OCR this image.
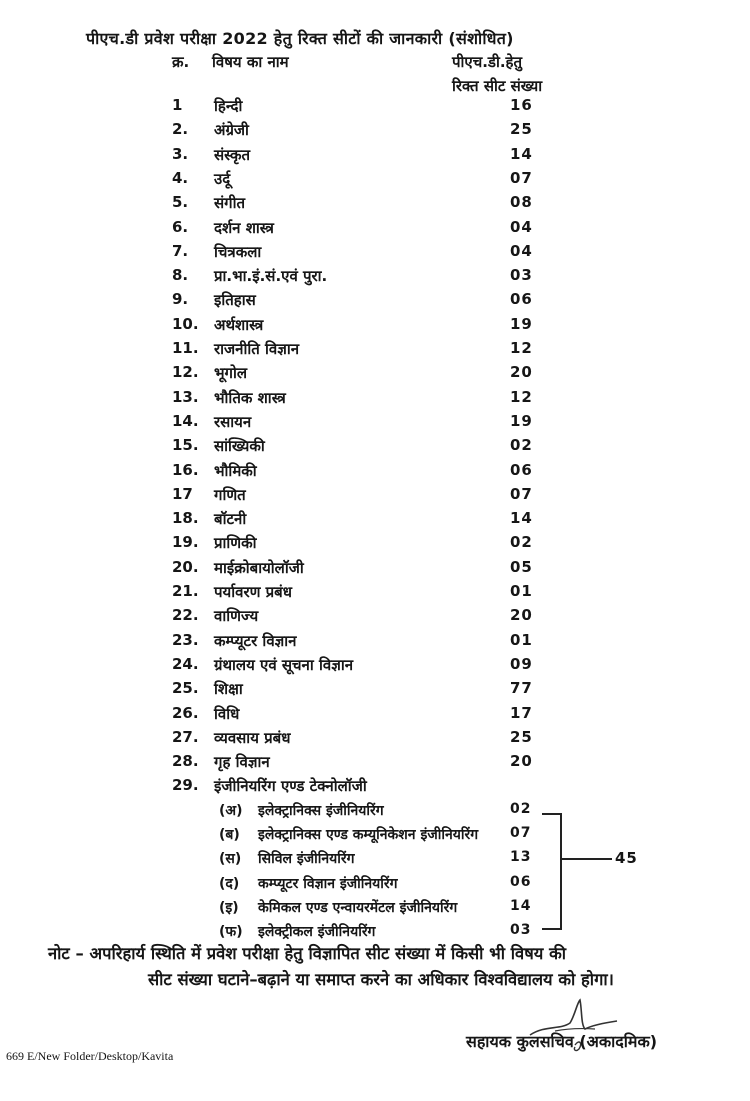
पीएच.डी प्रवेश परीक्षा 2022 हेतु रिक्त सीटों की जानकारी (संशोधित)
क्र. विषय का नाम	पीएच.डी.हेतु
रिक्त सीट संख्या
1 हिन्दी	16
2. अंग्रेजी	25
3. संस्कृत	14
4. उर्दू	07
5. संगीत	08
6. दर्शन शास्त्र	04
7. चित्रकला	04
8. प्रा.भा.इं.सं.एवं पुरा.	03
9. इतिहास	06
10. अर्थशास्त्र	19
11. राजनीति विज्ञान	12
12. भूगोल	20
13. भौतिक शास्त्र	12
14. रसायन	19
15. सांख्यिकी	02
16. भौमिकी	06
17 गणित	07
18. बॉटनी	14
19. प्राणिकी	02
20. माईक्रोबायोलॉजी	05
21. पर्यावरण प्रबंध	01
22. वाणिज्य	20
23. कम्प्यूटर विज्ञान	01
24. ग्रंथालय एवं सूचना विज्ञान	09
25. शिक्षा	77
26. विधि	17
27. व्यवसाय प्रबंध	25
28. गृह विज्ञान	20
29. इंजीनियरिंग एण्ड टेक्नोलॉजी
(अ) इलेक्ट्रानिक्स इंजीनियरिंग	02
(ब) इलेक्ट्रानिक्स एण्ड कम्यूनिकेशन इंजीनियरिंग 07
(स) सिविल इंजीनियरिंग	13
(द) कम्प्यूटर विज्ञान इंजीनियरिंग	06
(इ) केमिकल एण्ड एन्वायरमेंटल इंजीनियरिंग	14
(फ) इलेक्ट्रीकल इंजीनियरिंग	03
45
नोट – अपरिहार्य स्थिति में प्रवेश परीक्षा हेतु विज्ञापित सीट संख्या में किसी भी विषय की
सीट संख्या घटाने–बढ़ाने या समाप्त करने का अधिकार विश्वविद्यालय को होगा।
सहायक कुलसचिव (अकादमिक)
669 E/New Folder/Desktop/Kavita
